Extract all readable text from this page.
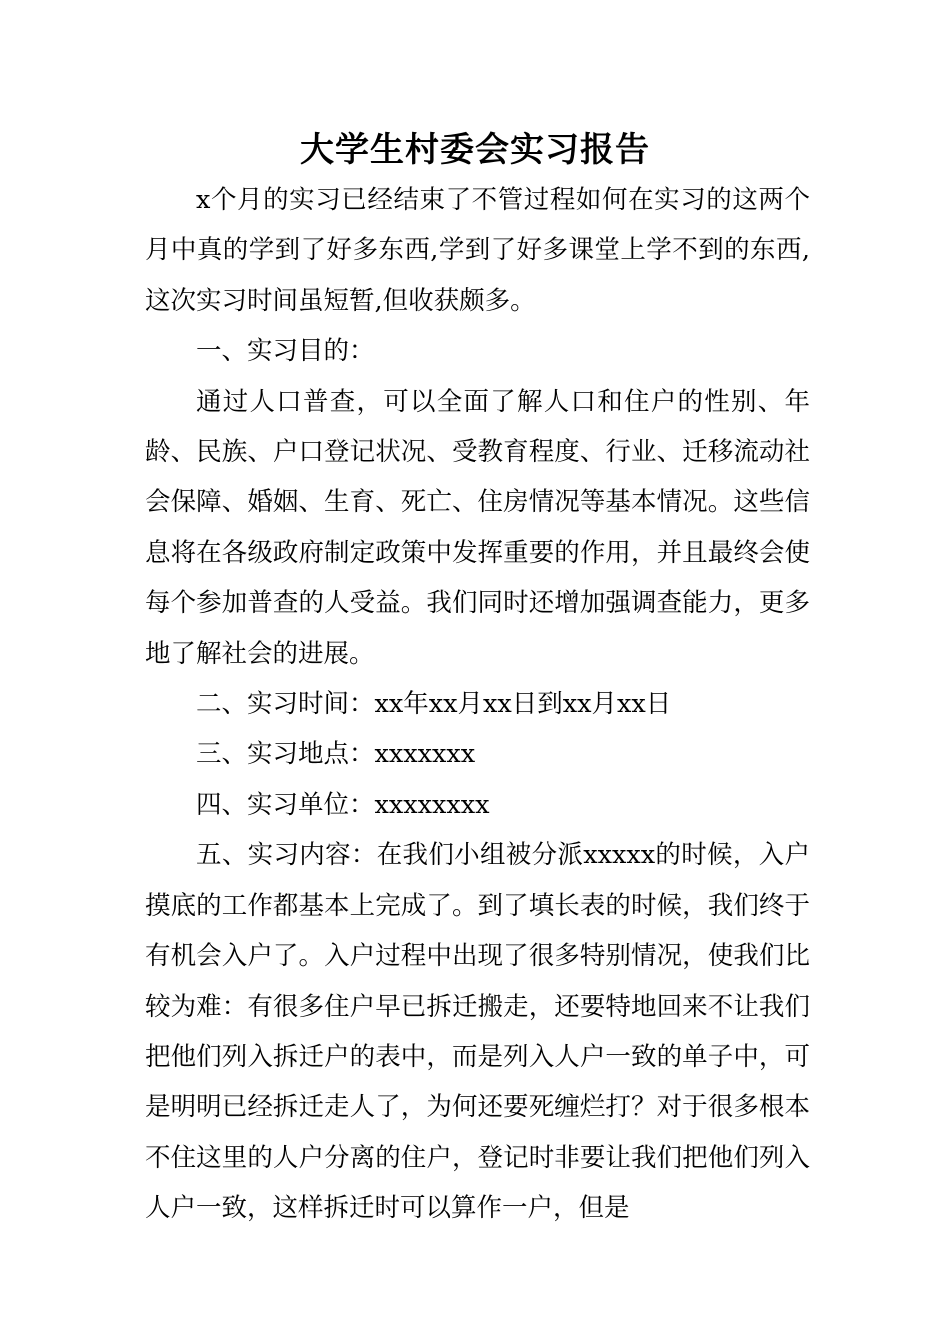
大学生村委会实习报告

x个月的实习已经结束了不管过程如何在实习的这两个月中真的学到了好多东西,学到了好多课堂上学不到的东西,这次实习时间虽短暂,但收获颇多。

一、实习目的：

通过人口普查，可以全面了解人口和住户的性别、年龄、民族、户口登记状况、受教育程度、行业、迁移流动社会保障、婚姻、生育、死亡、住房情况等基本情况。这些信息将在各级政府制定政策中发挥重要的作用，并且最终会使每个参加普查的人受益。我们同时还增加强调查能力，更多地了解社会的进展。

二、实习时间：xx年xx月xx日到xx月xx日

三、实习地点：xxxxxxx

四、实习单位：xxxxxxxx

五、实习内容：在我们小组被分派xxxxx的时候，入户摸底的工作都基本上完成了。到了填长表的时候，我们终于有机会入户了。入户过程中出现了很多特别情况，使我们比较为难：有很多住户早已拆迁搬走，还要特地回来不让我们把他们列入拆迁户的表中，而是列入人户一致的单子中，可是明明已经拆迁走人了，为何还要死缠烂打？对于很多根本不住这里的人户分离的住户，登记时非要让我们把他们列入人户一致，这样拆迁时可以算作一户，但是
